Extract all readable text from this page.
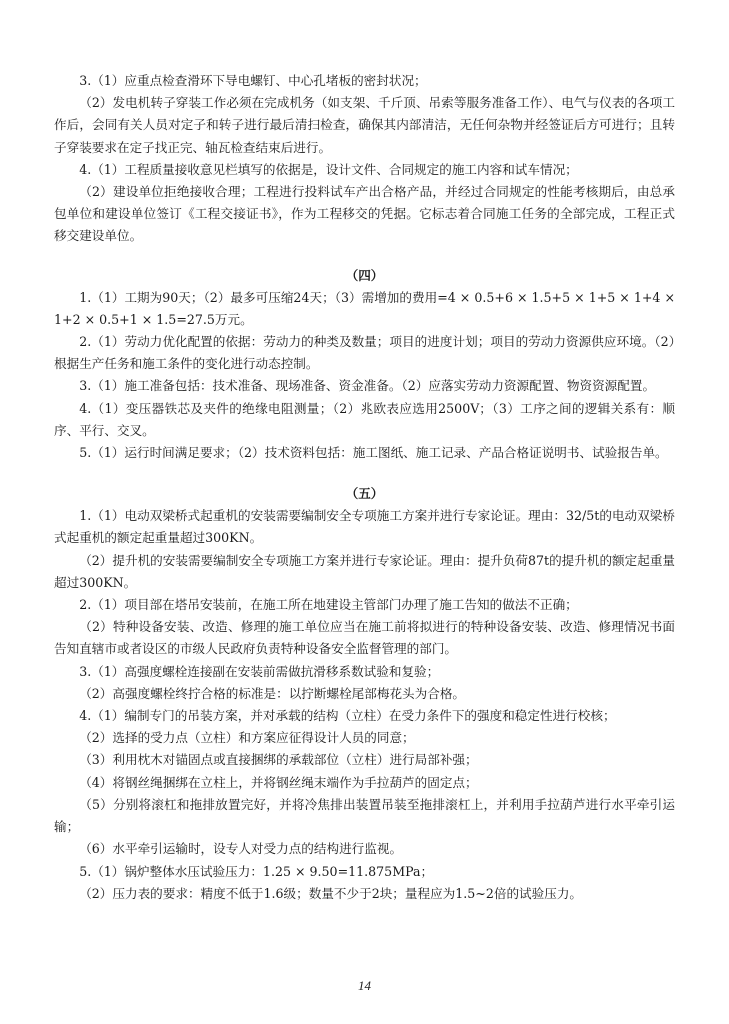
3.（1）应重点检查滑环下导电螺钉、中心孔堵板的密封状况；

（2）发电机转子穿装工作必须在完成机务（如支架、千斤顶、吊索等服务准备工作）、电气与仪表的各项工作后，会同有关人员对定子和转子进行最后清扫检查，确保其内部清洁，无任何杂物并经签证后方可进行；且转子穿装要求在定子找正完、轴瓦检查结束后进行。

4.（1）工程质量接收意见栏填写的依据是，设计文件、合同规定的施工内容和试车情况；

（2）建设单位拒绝接收合理；工程进行投料试车产出合格产品，并经过合同规定的性能考核期后，由总承包单位和建设单位签订《工程交接证书》，作为工程移交的凭据。它标志着合同施工任务的全部完成，工程正式移交建设单位。

（四）

1.（1）工期为90天；（2）最多可压缩24天；（3）需增加的费用=4 × 0.5+6 × 1.5+5 × 1+5 × 1+4 × 1+2 × 0.5+1 × 1.5=27.5万元。

2.（1）劳动力优化配置的依据：劳动力的种类及数量；项目的进度计划；项目的劳动力资源供应环境。（2）根据生产任务和施工条件的变化进行动态控制。

3.（1）施工准备包括：技术准备、现场准备、资金准备。（2）应落实劳动力资源配置、物资资源配置。

4.（1）变压器铁芯及夹件的绝缘电阻测量；（2）兆欧表应选用2500V；（3）工序之间的逻辑关系有：顺序、平行、交叉。

5.（1）运行时间满足要求；（2）技术资料包括：施工图纸、施工记录、产品合格证说明书、试验报告单。

（五）

1.（1）电动双梁桥式起重机的安装需要编制安全专项施工方案并进行专家论证。理由：32/5t的电动双梁桥式起重机的额定起重量超过300KN。

（2）提升机的安装需要编制安全专项施工方案并进行专家论证。理由：提升负荷87t的提升机的额定起重量超过300KN。

2.（1）项目部在塔吊安装前，在施工所在地建设主管部门办理了施工告知的做法不正确；

（2）特种设备安装、改造、修理的施工单位应当在施工前将拟进行的特种设备安装、改造、修理情况书面告知直辖市或者设区的市级人民政府负责特种设备安全监督管理的部门。

3.（1）高强度螺栓连接副在安装前需做抗滑移系数试验和复验；

（2）高强度螺栓终拧合格的标准是：以拧断螺栓尾部梅花头为合格。

4.（1）编制专门的吊装方案，并对承载的结构（立柱）在受力条件下的强度和稳定性进行校核；

（2）选择的受力点（立柱）和方案应征得设计人员的同意；

（3）利用枕木对锚固点或直接捆绑的承载部位（立柱）进行局部补强；

（4）将钢丝绳捆绑在立柱上，并将钢丝绳末端作为手拉葫芦的固定点；

（5）分别将滚杠和拖排放置完好，并将冷焦排出装置吊装至拖排滚杠上，并利用手拉葫芦进行水平牵引运输；

（6）水平牵引运输时，设专人对受力点的结构进行监视。

5.（1）锅炉整体水压试验压力：1.25 × 9.50=11.875MPa；

（2）压力表的要求：精度不低于1.6级；数量不少于2块；量程应为1.5~2倍的试验压力。

14
